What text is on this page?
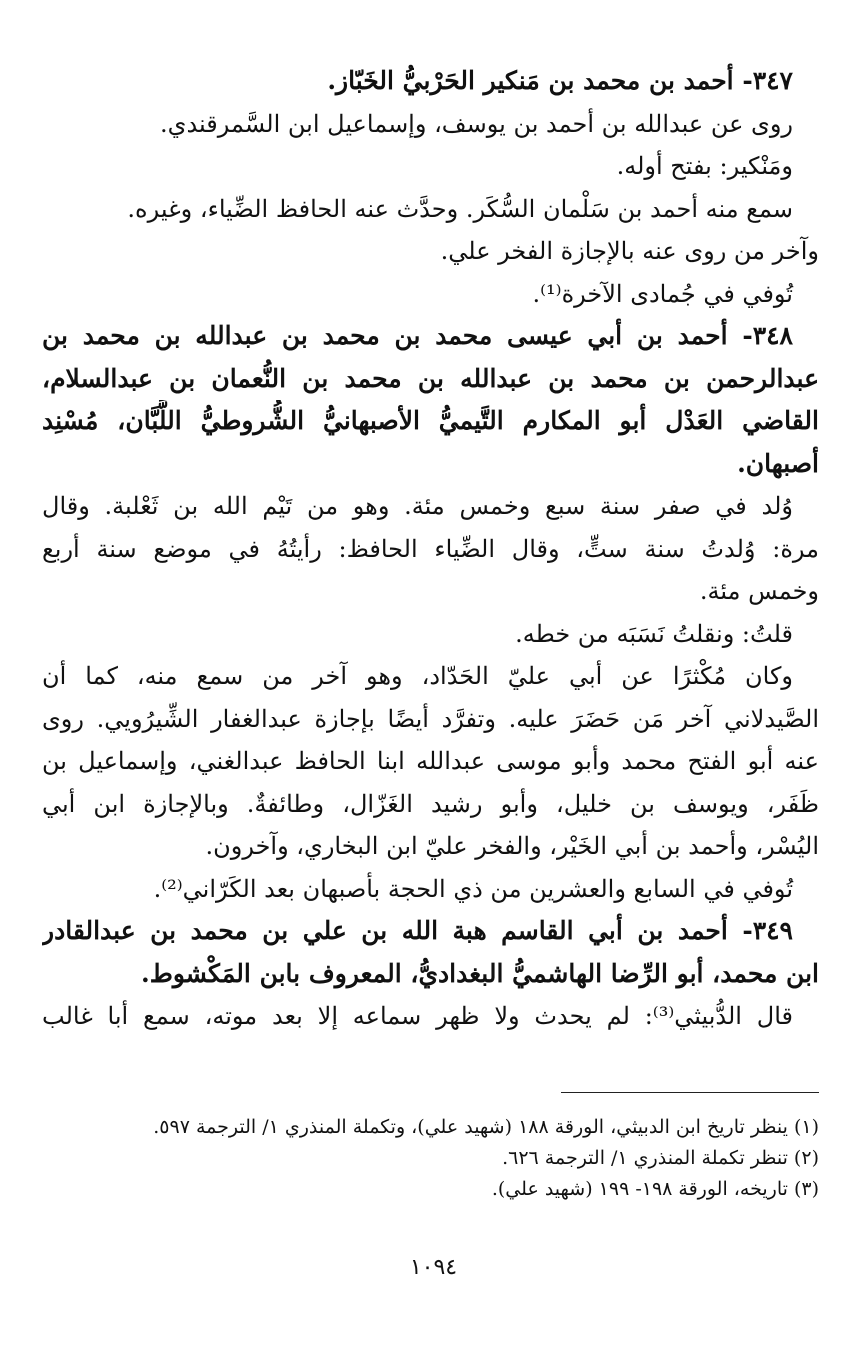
٣٤٧- أحمد بن محمد بن مَنكير الحَرْبيُّ الخَبّاز.
روى عن عبدالله بن أحمد بن يوسف، وإسماعيل ابن السَّمرقندي.
ومَنْكير: بفتح أوله.
سمع منه أحمد بن سَلْمان السُّكَر. وحدَّث عنه الحافظ الضِّياء، وغيره.
وآخر من روى عنه بالإجازة الفخر علي.
تُوفي في جُمادى الآخرة⁽¹⁾.
٣٤٨- أحمد بن أبي عيسى محمد بن محمد بن عبدالله بن محمد بن
عبدالرحمن بن محمد بن عبدالله بن محمد بن النُّعمان بن عبدالسلام،
القاضي العَدْل أبو المكارم التَّيميُّ الأصبهانيُّ الشُّروطيُّ اللَّبَّان، مُسْنِد
أصبهان.
وُلد في صفر سنة سبع وخمس مئة. وهو من تَيْم الله بن ثَعْلبة. وقال
مرة: وُلدتُ سنة ستٍّ، وقال الضِّياء الحافظ: رأيتُهُ في موضع سنة أربع
وخمس مئة.
قلتُ: ونقلتُ نَسَبَه من خطه.
وكان مُكْثرًا عن أبي عليّ الحَدّاد، وهو آخر من سمع منه، كما أن
الصَّيدلاني آخر مَن حَضَرَ عليه. وتفرَّد أيضًا بإجازة عبدالغفار الشِّيرُويي. روى
عنه أبو الفتح محمد وأبو موسى عبدالله ابنا الحافظ عبدالغني، وإسماعيل بن
ظَفَر، ويوسف بن خليل، وأبو رشيد الغَزّال، وطائفةٌ. وبالإجازة ابن أبي
اليُسْر، وأحمد بن أبي الخَيْر، والفخر عليّ ابن البخاري، وآخرون.
تُوفي في السابع والعشرين من ذي الحجة بأصبهان بعد الكَرّاني⁽²⁾.
٣٤٩- أحمد بن أبي القاسم هبة الله بن علي بن محمد بن عبدالقادر
ابن محمد، أبو الرِّضا الهاشميُّ البغداديُّ، المعروف بابن المَكْشوط.
قال الدُّبيثي⁽³⁾: لم يحدث ولا ظهر سماعه إلا بعد موته، سمع أبا غالب
(١) ينظر تاريخ ابن الدبيثي، الورقة ١٨٨ (شهيد علي)، وتكملة المنذري ١/ الترجمة ٥٩٧.
(٢) تنظر تكملة المنذري ١/ الترجمة ٦٢٦.
(٣) تاريخه، الورقة ١٩٨- ١٩٩ (شهيد علي).
١٠٩٤
